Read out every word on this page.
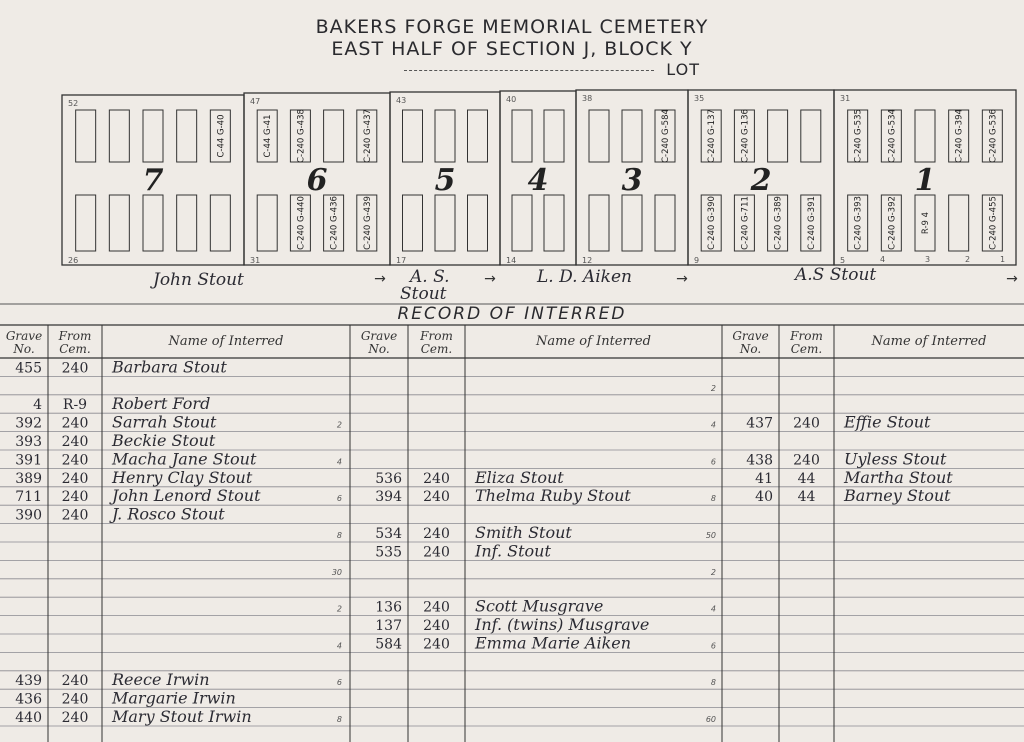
BAKERS FORGE MEMORIAL CEMETERY
EAST HALF OF SECTION J, BLOCK Y
LOT
52
26
C-44 G-40
7
47
31
C-44 G-41	C-240 G-438	C-240 G-437
C-240 G-440	C-240 G-436	C-240 G-439
6
43
17
5
40
14
4
38
12
C-240 G-584
3
35
9
C-240 G-137	C-240 G-136
C-240 G-390	C-240 G-711	C-240 G-389	C-240 G-391
2
31
5
C-240 G-535	C-240 G-534	C-240 G-394	C-240 G-536
C-240 G-393	C-240 G-392	R-9 4	C-240 G-455
1
4	3	2	1
John Stout	→ A. S.
Stout
→ L. D. Aiken	→	A.S Stout	→
RECORD OF INTERRED
Grave
No.
From
Cem.	Name of Interred
455 240 Barbara Stout
4 R-9 Robert Ford
392 240 Sarrah Stout
393 240 Beckie Stout
391 240 Macha Jane Stout
389 240 Henry Clay Stout
711 240 John Lenord Stout
390 240 J. Rosco Stout
439 240 Reece Irwin
436 240 Margarie Irwin
440 240 Mary Stout Irwin
Grave
No.
From
Cem.	Name of Interred
536 240 Eliza Stout
394 240 Thelma Ruby Stout
534 240 Smith Stout
535 240 Inf. Stout
136 240 Scott Musgrave
137 240 Inf. (twins) Musgrave
584 240 Emma Marie Aiken
Grave
No.
From
Cem.	Name of Interred
437 240 Effie Stout
438 240 Uyless Stout
41 44 Martha Stout
40 44 Barney Stout
2
4
6
8
30
2
4
6
8
2
4
6
8
50
2
4
6
8
60
